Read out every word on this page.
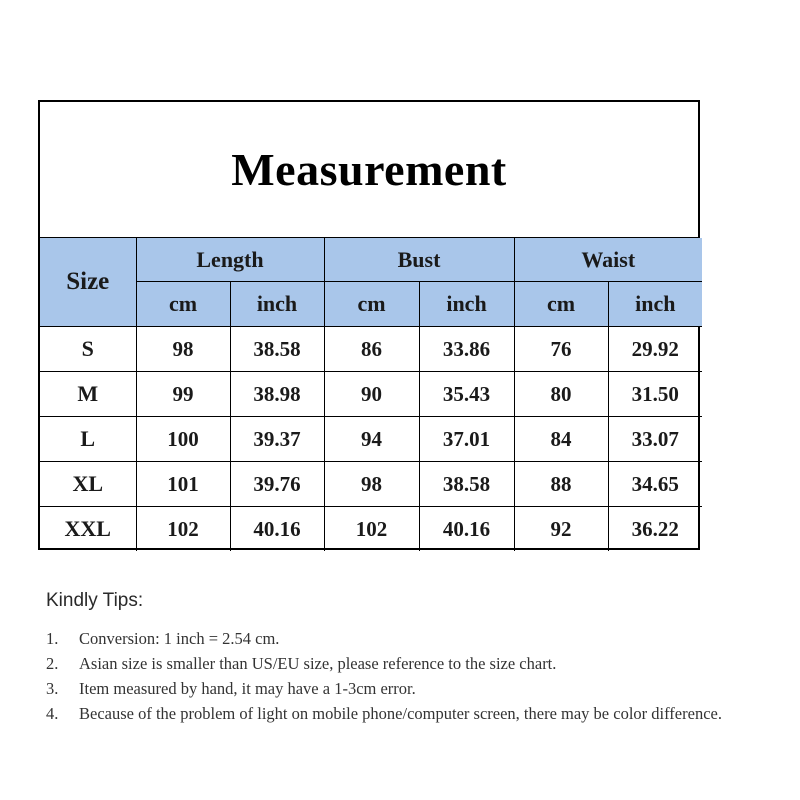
Measurement
Size	Length		Bust		Waist	
	cm	inch	cm	inch	cm	inch
S	98	38.58	86	33.86	76	29.92
M	99	38.98	90	35.43	80	31.50
L	100	39.37	94	37.01	84	33.07
XL	101	39.76	98	38.58	88	34.65
XXL	102	40.16	102	40.16	92	36.22
Kindly Tips:
1.	Conversion: 1 inch = 2.54 cm.
2.	Asian size is smaller than US/EU size, please reference to the size chart.
3.	Item measured by hand, it may have a 1-3cm error.
4.	Because of the problem of light on mobile phone/computer screen, there may be color difference.
